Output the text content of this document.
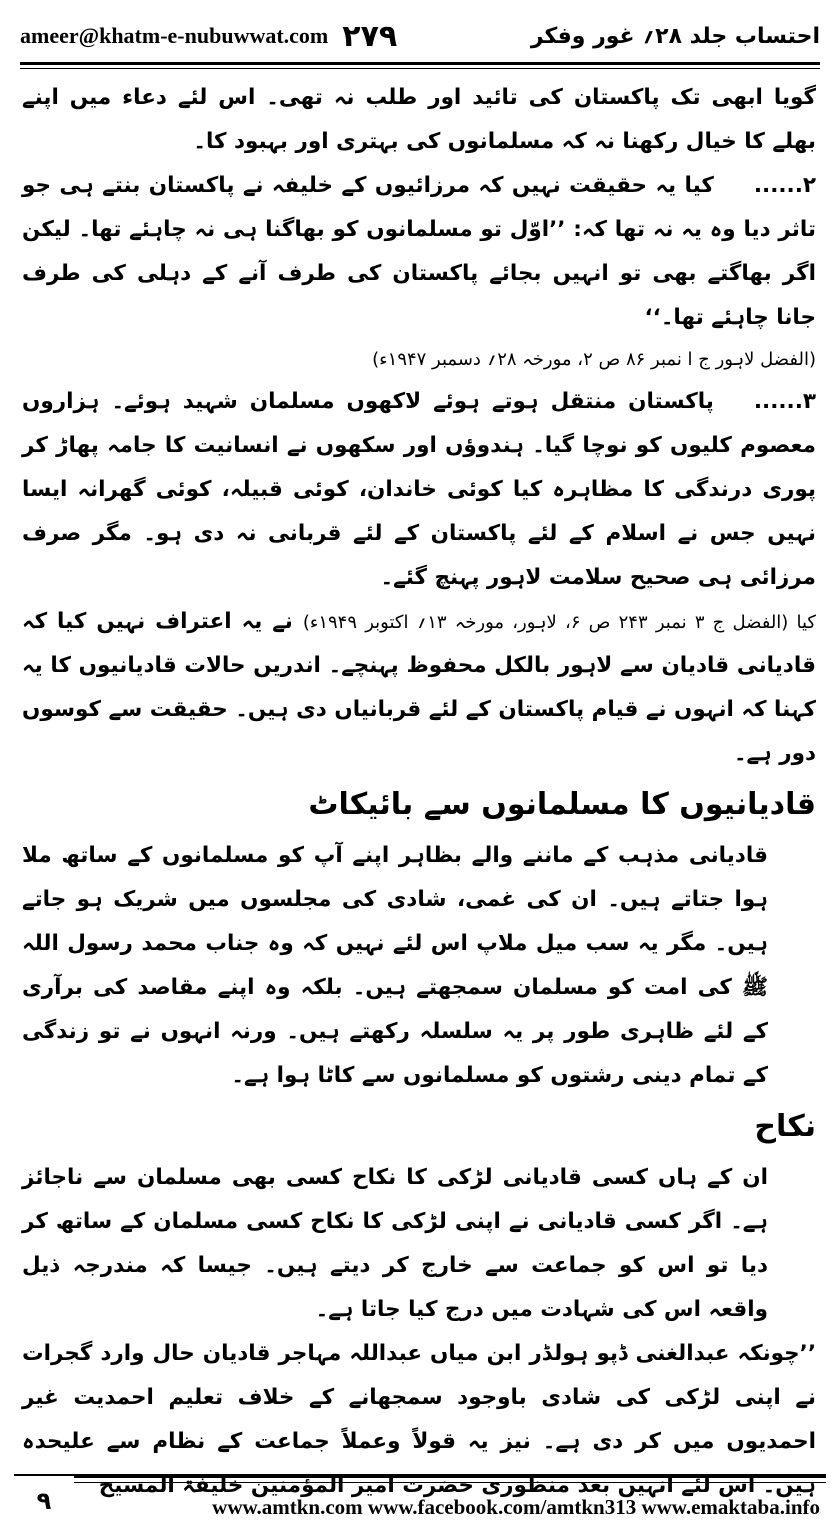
ameer@khatm-e-nubuwwat.com ۲۷۹	احتساب جلد ۲۸؍ غور وفکر

گویا ابھی تک پاکستان کی تائید اور طلب نہ تھی۔ اس لئے دعاء میں اپنے بھلے کا خیال رکھنا نہ کہ مسلمانوں کی بہتری اور بہبود کا۔

۲......کیا یہ حقیقت نہیں کہ مرزائیوں کے خلیفہ نے پاکستان بنتے ہی جو تاثر دیا وہ یہ نہ تھا کہ: ’’اوّل تو مسلمانوں کو بھاگنا ہی نہ چاہئے تھا۔ لیکن اگر بھاگتے بھی تو انہیں بجائے پاکستان کی طرف آنے کے دہلی کی طرف جانا چاہئے تھا۔‘‘

(الفضل لاہور ج ا نمبر ۸۶ ص ۲، مورخہ ۲۸؍ دسمبر ۱۹۴۷ء)

۳......پاکستان منتقل ہوتے ہوئے لاکھوں مسلمان شہید ہوئے۔ ہزاروں معصوم کلیوں کو نوچا گیا۔ ہندوؤں اور سکھوں نے انسانیت کا جامہ پھاڑ کر پوری درندگی کا مظاہرہ کیا کوئی خاندان، کوئی قبیلہ، کوئی گھرانہ ایسا نہیں جس نے اسلام کے لئے پاکستان کے لئے قربانی نہ دی ہو۔ مگر صرف مرزائی ہی صحیح سلامت لاہور پہنچ گئے۔

کیا (الفضل ج ۳ نمبر ۲۴۳ ص ۶، لاہور، مورخہ ۱۳؍ اکتوبر ۱۹۴۹ء) نے یہ اعتراف نہیں کیا کہ قادیانی قادیان سے لاہور بالکل محفوظ پہنچے۔ اندریں حالات قادیانیوں کا یہ کہنا کہ انہوں نے قیام پاکستان کے لئے قربانیاں دی ہیں۔ حقیقت سے کوسوں دور ہے۔

قادیانیوں کا مسلمانوں سے بائیکاٹ

قادیانی مذہب کے ماننے والے بظاہر اپنے آپ کو مسلمانوں کے ساتھ ملا ہوا جتاتے ہیں۔ ان کی غمی، شادی کی مجلسوں میں شریک ہو جاتے ہیں۔ مگر یہ سب میل ملاپ اس لئے نہیں کہ وہ جناب محمد رسول اللہ ﷺ کی امت کو مسلمان سمجھتے ہیں۔ بلکہ وہ اپنے مقاصد کی برآری کے لئے ظاہری طور پر یہ سلسلہ رکھتے ہیں۔ ورنہ انہوں نے تو زندگی کے تمام دینی رشتوں کو مسلمانوں سے کاٹا ہوا ہے۔

نکاح

ان کے ہاں کسی قادیانی لڑکی کا نکاح کسی بھی مسلمان سے ناجائز ہے۔ اگر کسی قادیانی نے اپنی لڑکی کا نکاح کسی مسلمان کے ساتھ کر دیا تو اس کو جماعت سے خارج کر دیتے ہیں۔ جیسا کہ مندرجہ ذیل واقعہ اس کی شہادت میں درج کیا جاتا ہے۔

’’چونکہ عبدالغنی ڈپو ہولڈر ابن میاں عبداللہ مہاجر قادیان حال وارد گجرات نے اپنی لڑکی کی شادی باوجود سمجھانے کے خلاف تعلیم احمدیت غیر احمدیوں میں کر دی ہے۔ نیز یہ قولاً وعملاً جماعت کے نظام سے علیحدہ ہیں۔ اس لئے انہیں بعد منظوری حضرت امیر المؤمنین خلیفۃ المسیح

۹	www.amtkn.com www.facebook.com/amtkn313 www.emaktaba.info
